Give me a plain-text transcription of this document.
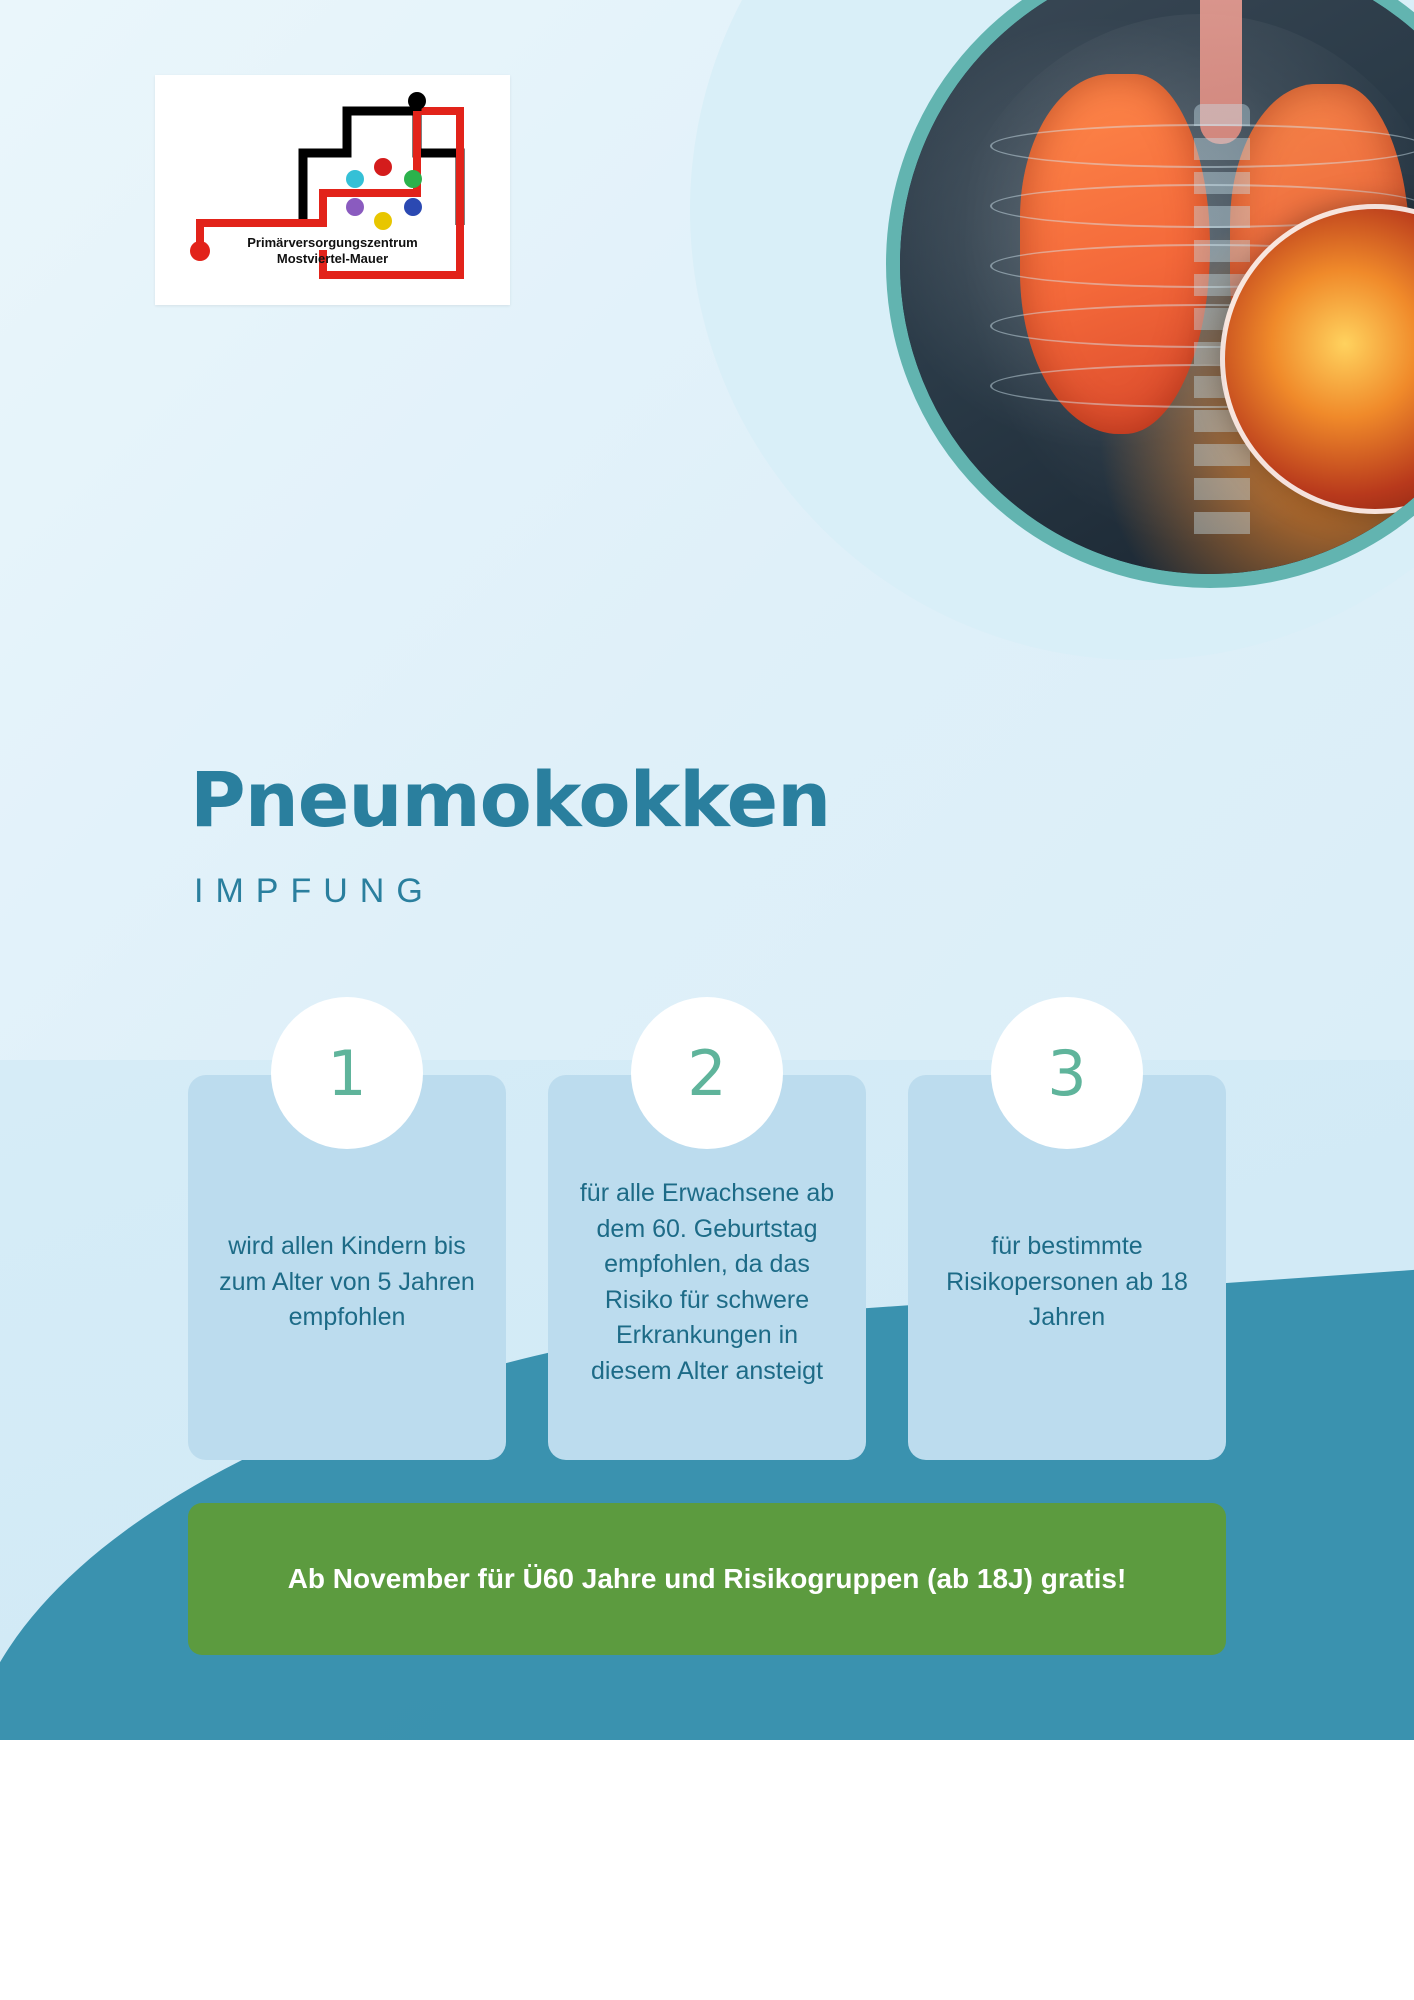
Primärversorgungszentrum
Mostviertel-Mauer
Pneumokokken
IMPFUNG
1
wird allen Kindern bis zum Alter von 5 Jahren empfohlen
2
für alle Erwachsene ab dem 60. Geburtstag empfohlen, da das Risiko für schwere Erkrankungen in diesem Alter ansteigt
3
für bestimmte Risikopersonen ab 18 Jahren
Ab November für Ü60 Jahre und Risikogruppen (ab 18J) gratis!
WIR BITTEN UM VORANMELDUNG AM SCHALTER - DIE IMPFSTOFFE WERDEN SPEZIELL FÜR SIE BESTELLT
